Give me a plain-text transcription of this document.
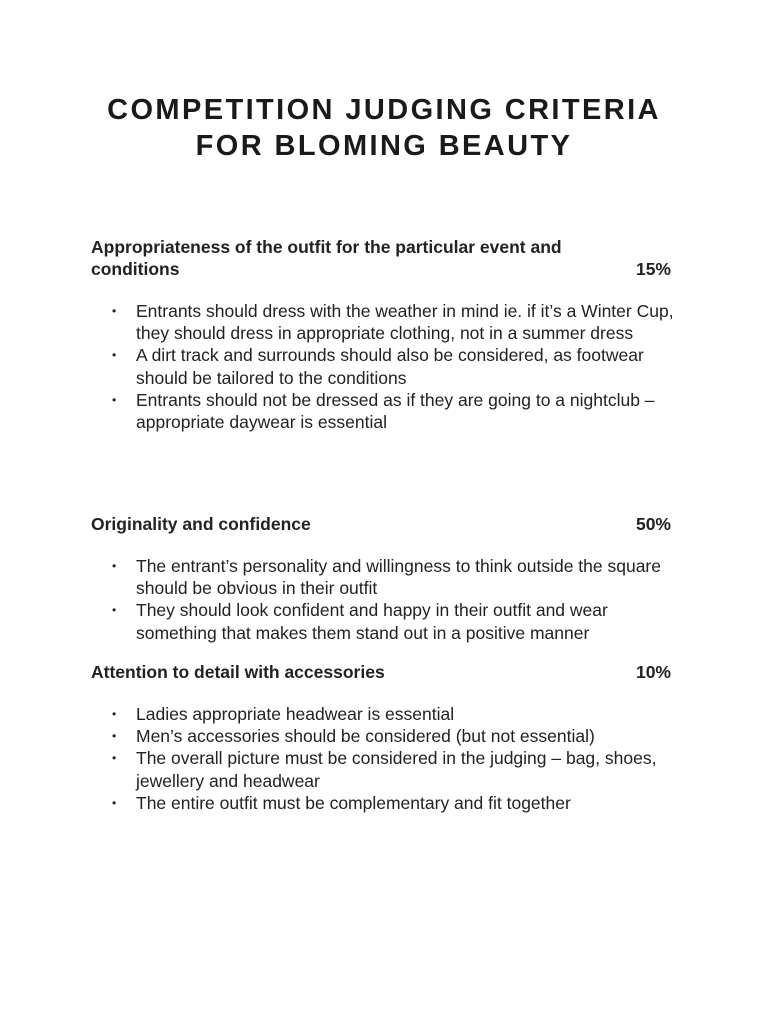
COMPETITION JUDGING CRITERIA
FOR BLOMING BEAUTY
Appropriateness of the outfit for the particular event and conditions	15%
• Entrants should dress with the weather in mind ie. if it’s a Winter Cup, they should dress in appropriate clothing, not in a summer dress
• A dirt track and surrounds should also be considered, as footwear should be tailored to the conditions
• Entrants should not be dressed as if they are going to a nightclub – appropriate daywear is essential
Originality and confidence	50%
• The entrant’s personality and willingness to think outside the square should be obvious in their outfit
• They should look confident and happy in their outfit and wear something that makes them stand out in a positive manner
Attention to detail with accessories	10%
• Ladies appropriate headwear is essential
• Men’s accessories should be considered (but not essential)
• The overall picture must be considered in the judging – bag, shoes, jewellery and headwear
• The entire outfit must be complementary and fit together
